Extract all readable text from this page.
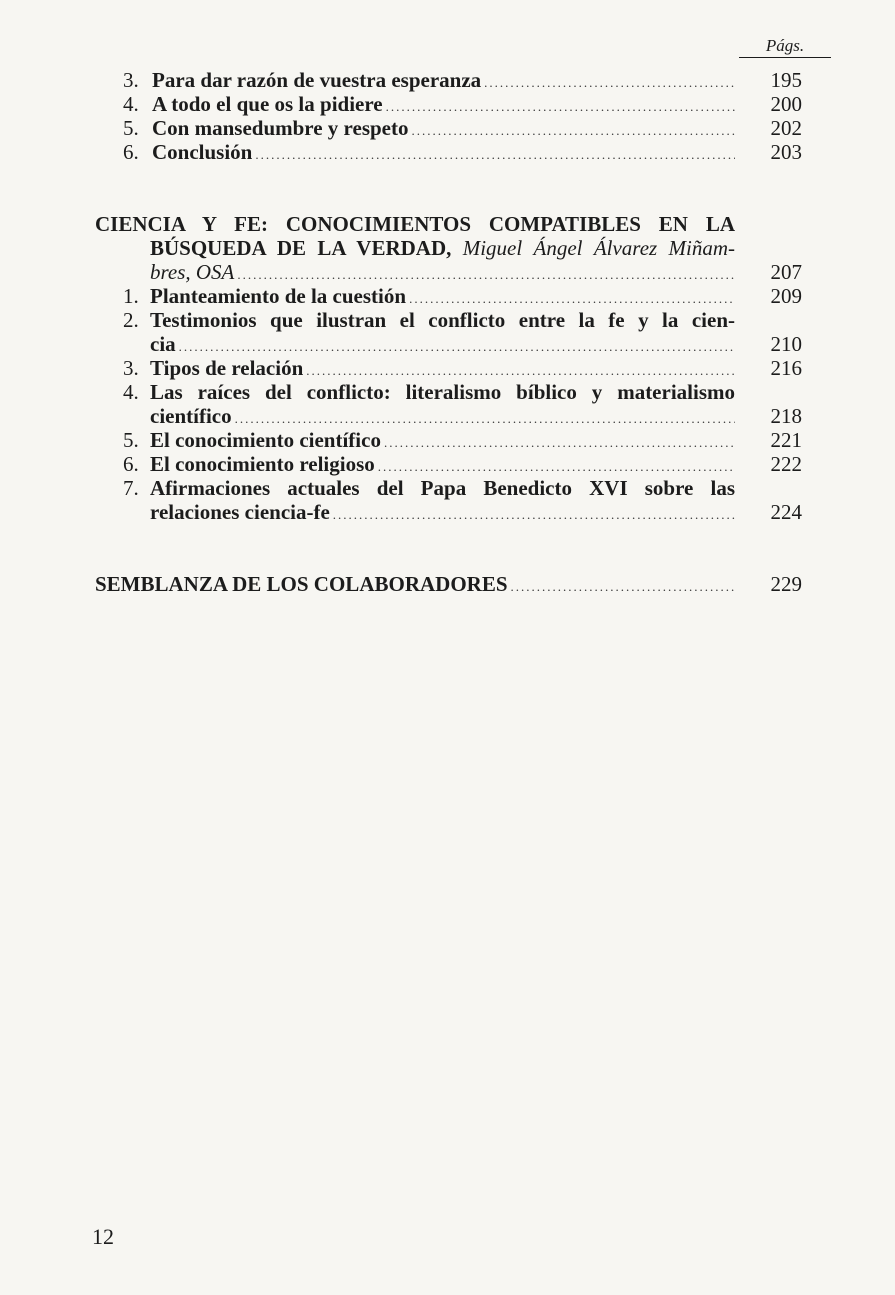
Págs.
3. Para dar razón de vuestra esperanza .....	195
4. A todo el que os la pidiere .....	200
5. Con mansedumbre y respeto .....	202
6. Conclusión .....	203
CIENCIA Y FE: CONOCIMIENTOS COMPATIBLES EN LA
BÚSQUEDA DE LA VERDAD, Miguel Ángel Álvarez Miñam-
bres, OSA .....	207
1. Planteamiento de la cuestión .....	209
2. Testimonios que ilustran el conflicto entre la fe y la cien-
cia .....	210
3. Tipos de relación .....	216
4. Las raíces del conflicto: literalismo bíblico y materialismo
científico .....	218
5. El conocimiento científico .....	221
6. El conocimiento religioso .....	222
7. Afirmaciones actuales del Papa Benedicto XVI sobre las
relaciones ciencia-fe .....	224
SEMBLANZA DE LOS COLABORADORES .....	229
12
